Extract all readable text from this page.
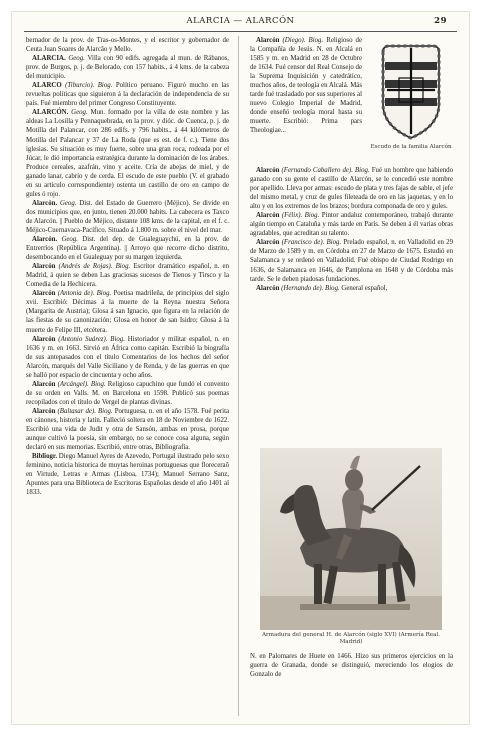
ALARCIA — ALARCÓN	29

bernador de la prov. de Tras-os-Montes, y el escritor y gobernador de Ceuta Juan Soares de Alarcão y Mello.

ALARCIA. Geog. Villa con 90 edifs. agregada al mun. de Rábanos, prov. de Burgos, p. j. de Belorado, con 157 habits., á 4 kms. de la cabeza del municipio.

ALARCO (Tiburcio). Biog. Político peruano. Figuró mucho en las revueltas políticas que siguieron á la declaración de independencia de su país. Fué miembro del primer Congreso Constituyente.

ALARCÓN. Geog. Mun. formado por la villa de este nombre y las aldeas La Losilla y Pennaquebrada, en la prov. y dióc. de Cuenca, p. j. de Motilla del Palancar, con 286 edifs. y 796 habits., á 44 kilómetros de Motilla del Palancar y 37 de La Roda (que es est. de f. c.). Tiene dos iglesias. Su situación es muy fuerte, sobre una gran roca, rodeada por el Júcar, le dió importancia estratégica durante la dominación de los árabes. Produce cereales, azafrán, vino y aceite. Cría de abejas de miel, y de ganado lanar, cabrío y de cerda. El escudo de este pueblo (V. el grabado en su artículo correspondiente) ostenta un castillo de oro en campo de gules ó rojo.

Alarcón. Geog. Dist. del Estado de Guerrero (Méjico). Se divide en dos municipios que, en junto, tienen 20.000 habits. La cabecera es Taxco de Alarcón. || Pueblo de Méjico, distante 108 kms. de la capital, en el f. c. Méjico-Cuernavaca-Pacífico. Situado á 1.800 m. sobre el nivel del mar.

Alarcón. Geog. Dist. del dep. de Gualeguaychú, en la prov. de Entrerríos (República Argentina). || Arroyo que recorre dicho distrito, desembocando en el Gualeguay por su margen izquierda.

Alarcón (Andrés de Rojas). Biog. Escritor dramático español, n. en Madrid, á quien se deben Las graciosas sucesos de Tienos y Tirsco y la Comedia de la Hechicera.

Alarcón (Antonia de). Biog. Poetisa madrileña, de principios del siglo xvii. Escribió: Décimas á la muerte de la Reyna nuestra Señora (Margarita de Austria); Glosa á san Ignacio, que figura en la relación de las fiestas de su canonización; Glosa en honor de san Isidro; Glosa á la muerte de Felipe III, etcétera.

Alarcón (Antonio Suárez). Biog. Historiador y militar español, n. en 1636 y m. en 1663. Sirvió en África como capitán. Escribió la biografía de sus antepasados con el título Comentarios de los hechos del señor Alarcón, marqués del Valle Siciliano y de Renda, y de las guerras en que se halló por espacio de cincuenta y ocho años.

Alarcón (Arcángel). Biog. Religioso capuchino que fundó el convento de su orden en Valls. M. en Barcelona en 1598. Publicó sus poemas recopilados con el título de Vergel de plantas divinas.

Alarcón (Baltasar de). Biog. Portuguesa, n. en el año 1578. Fué perita en cánones, historia y latín. Falleció soltera en 18 de Noviembre de 1622. Escribió una vida de Judit y otra de Sansón, ambas en prosa, porque aunque cultivó la poesía, sin embargo, no se conoce cosa alguna, según declaró en sus memorias. Escribió, entre otras, Bibliografía.

Bibliogr. Diego Manuel Ayres de Azevedo, Portugal ilustrado pelo sexo feminino, noticia historica de muytas heroinas portuguesas que floreceraõ en Virtude, Letras e Armas (Lisboa, 1734); Manuel Serrano Sanz, Apuntes para una Biblioteca de Escritoras Españolas desde el año 1401 al 1833.

Alarcón (Diego). Biog. Religioso de la Compañía de Jesús. N. en Alcalá en 1585 y m. en Madrid en 28 de Octubre de 1634. Fué censor del Real Consejo de la Suprema Inquisición y catedrático, muchos años, de teología en Alcalá. Más tarde fué trasladado por sus superiores al nuevo Colegio Imperial de Madrid, donde enseñó teología moral hasta su muerte. Escribió: Prima pars Theologiae...

Escudo de la familia Alarcón

Alarcón (Fernando Caballero de). Biog. Fué un hombre que habiendo ganado con su gente el castillo de Alarcón, se le concedió este nombre por apellido. Lleva por armas: escudo de plata y tres fajas de sable, el jefe del mismo metal, y cruz de gules fileteada de oro en las jaquetas, y en lo alto y en los extremos de los brazos; bordura componada de oro y gules.

Alarcón (Félix). Biog. Pintor andaluz contemporáneo, trabajó durante algún tiempo en Cataluña y más tarde en París. Se deben á él varias obras agradables, que acreditan su talento.

Alarcón (Francisco de). Biog. Prelado español, n. en Valladolid en 29 de Marzo de 1589 y m. en Córdoba en 27 de Marzo de 1675. Estudió en Salamanca y se ordenó en Valladolid. Fué obispo de Ciudad Rodrigo en 1636, de Salamanca en 1646, de Pamplona en 1648 y de Córdoba más tarde. Se le deben piadosas fundaciones.

Alarcón (Hernando de). Biog. General español,

Armadura del general H. de Alarcón (siglo XVI) (Armería Real. Madrid)

N. en Palomares de Huete en 1466. Hizo sus primeros ejercicios en la guerra de Granada, donde se distinguió, mereciendo los elogios de Gonzalo de
